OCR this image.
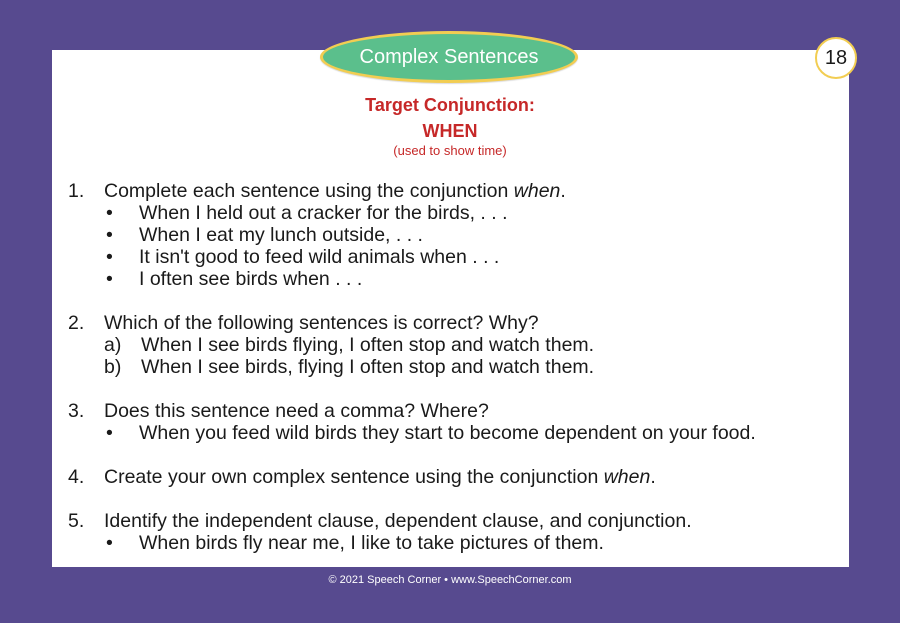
Complex Sentences	18
Target Conjunction:
WHEN
(used to show time)
1.	Complete each sentence using the conjunction when.
•	When I held out a cracker for the birds, . . .
•	When I eat my lunch outside, . . .
•	It isn't good to feed wild animals when . . .
•	I often see birds when . . .
2.	Which of the following sentences is correct? Why?
a)	When I see birds flying, I often stop and watch them.
b)	When I see birds, flying I often stop and watch them.
3.	Does this sentence need a comma? Where?
•	When you feed wild birds they start to become dependent on your food.
4.	Create your own complex sentence using the conjunction when.
5.	Identify the independent clause, dependent clause, and conjunction.
•	When birds fly near me, I like to take pictures of them.
© 2021 Speech Corner • www.SpeechCorner.com
